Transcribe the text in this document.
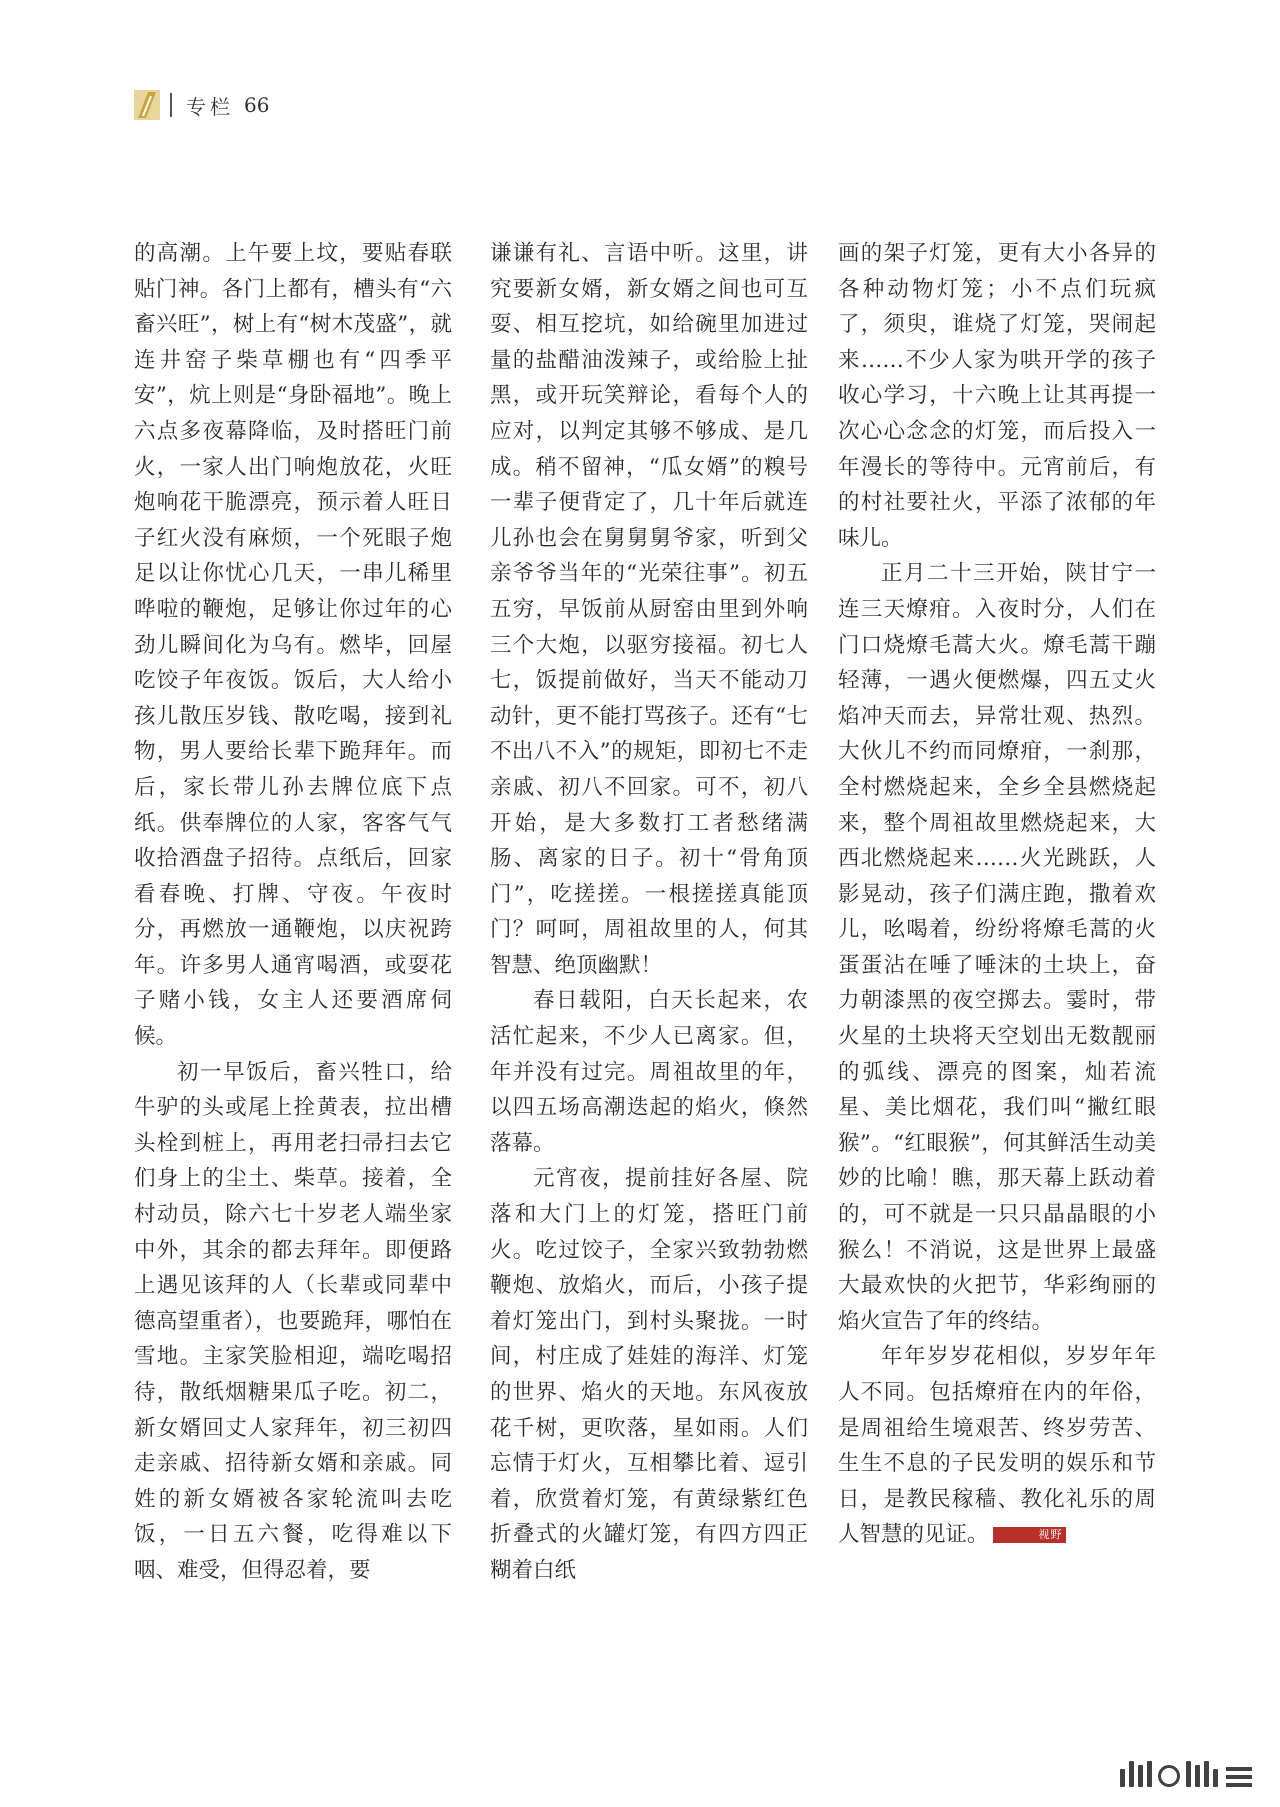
专栏 66

的高潮。上午要上坟，要贴春联贴门神。各门上都有，槽头有“六畜兴旺”，树上有“树木茂盛”，就连井窑子柴草棚也有“四季平安”，炕上则是“身卧福地”。晚上六点多夜幕降临，及时搭旺门前火，一家人出门响炮放花，火旺炮响花干脆漂亮，预示着人旺日子红火没有麻烦，一个死眼子炮足以让你忧心几天，一串儿稀里哗啦的鞭炮，足够让你过年的心劲儿瞬间化为乌有。燃毕，回屋吃饺子年夜饭。饭后，大人给小孩儿散压岁钱、散吃喝，接到礼物，男人要给长辈下跪拜年。而后，家长带儿孙去牌位底下点纸。供奉牌位的人家，客客气气收拾酒盘子招待。点纸后，回家看春晚、打牌、守夜。午夜时分，再燃放一通鞭炮，以庆祝跨年。许多男人通宵喝酒，或耍花子赌小钱，女主人还要酒席伺候。

初一早饭后，畜兴牲口，给牛驴的头或尾上拴黄表，拉出槽头栓到桩上，再用老扫帚扫去它们身上的尘土、柴草。接着，全村动员，除六七十岁老人端坐家中外，其余的都去拜年。即便路上遇见该拜的人（长辈或同辈中德高望重者），也要跪拜，哪怕在雪地。主家笑脸相迎，端吃喝招待，散纸烟糖果瓜子吃。初二，新女婿回丈人家拜年，初三初四走亲戚、招待新女婿和亲戚。同姓的新女婿被各家轮流叫去吃饭，一日五六餐，吃得难以下咽、难受，但得忍着，要

谦谦有礼、言语中听。这里，讲究要新女婿，新女婿之间也可互耍、相互挖坑，如给碗里加进过量的盐醋油泼辣子，或给脸上扯黑，或开玩笑辩论，看每个人的应对，以判定其够不够成、是几成。稍不留神，“瓜女婿”的糗号一辈子便背定了，几十年后就连儿孙也会在舅舅舅爷家，听到父亲爷爷当年的“光荣往事”。初五五穷，早饭前从厨窑由里到外响三个大炮，以驱穷接福。初七人七，饭提前做好，当天不能动刀动针，更不能打骂孩子。还有“七不出八不入”的规矩，即初七不走亲戚、初八不回家。可不，初八开始，是大多数打工者愁绪满肠、离家的日子。初十“骨角顶门”，吃搓搓。一根搓搓真能顶门？呵呵，周祖故里的人，何其智慧、绝顶幽默！

春日载阳，白天长起来，农活忙起来，不少人已离家。但，年并没有过完。周祖故里的年，以四五场高潮迭起的焰火，倏然落幕。

元宵夜，提前挂好各屋、院落和大门上的灯笼，搭旺门前火。吃过饺子，全家兴致勃勃燃鞭炮、放焰火，而后，小孩子提着灯笼出门，到村头聚拢。一时间，村庄成了娃娃的海洋、灯笼的世界、焰火的天地。东风夜放花千树，更吹落，星如雨。人们忘情于灯火，互相攀比着、逗引着，欣赏着灯笼，有黄绿紫红色折叠式的火罐灯笼，有四方四正糊着白纸

画的架子灯笼，更有大小各异的各种动物灯笼；小不点们玩疯了，须臾，谁烧了灯笼，哭闹起来……不少人家为哄开学的孩子收心学习，十六晚上让其再提一次心心念念的灯笼，而后投入一年漫长的等待中。元宵前后，有的村社要社火，平添了浓郁的年味儿。

正月二十三开始，陕甘宁一连三天燎疳。入夜时分，人们在门口烧燎毛蒿大火。燎毛蒿干蹦轻薄，一遇火便燃爆，四五丈火焰冲天而去，异常壮观、热烈。大伙儿不约而同燎疳，一刹那，全村燃烧起来，全乡全县燃烧起来，整个周祖故里燃烧起来，大西北燃烧起来……火光跳跃，人影晃动，孩子们满庄跑，撒着欢儿，吆喝着，纷纷将燎毛蒿的火蛋蛋沾在唾了唾沫的土块上，奋力朝漆黑的夜空掷去。霎时，带火星的土块将天空划出无数靓丽的弧线、漂亮的图案，灿若流星、美比烟花，我们叫“撇红眼猴”。“红眼猴”，何其鲜活生动美妙的比喻！瞧，那天幕上跃动着的，可不就是一只只晶晶眼的小猴么！不消说，这是世界上最盛大最欢快的火把节，华彩绚丽的焰火宣告了年的终结。

年年岁岁花相似，岁岁年年人不同。包括燎疳在内的年俗，是周祖给生境艰苦、终岁劳苦、生生不息的子民发明的娱乐和节日，是教民稼穑、教化礼乐的周人智慧的见证。	视野
